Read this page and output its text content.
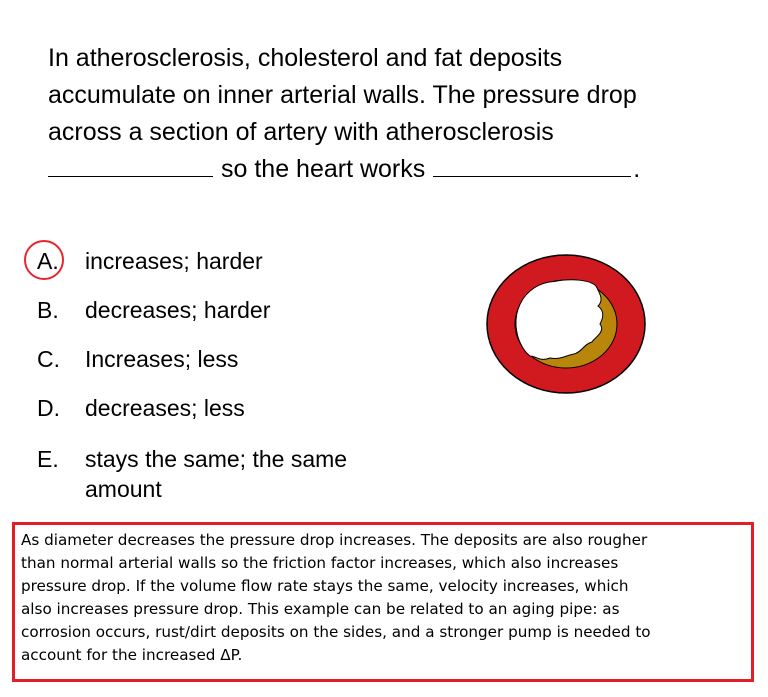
In atherosclerosis, cholesterol and fat deposits
accumulate on inner arterial walls. The pressure drop
across a section of artery with atherosclerosis
so the heart works	.
A. increases; harder
B. decreases; harder
C. Increases; less
D. decreases; less
E. stays the same; the same
amount
As diameter decreases the pressure drop increases. The deposits are also rougher
than normal arterial walls so the friction factor increases, which also increases
pressure drop. If the volume flow rate stays the same, velocity increases, which
also increases pressure drop. This example can be related to an aging pipe: as
corrosion occurs, rust/dirt deposits on the sides, and a stronger pump is needed to
account for the increased ΔP.
